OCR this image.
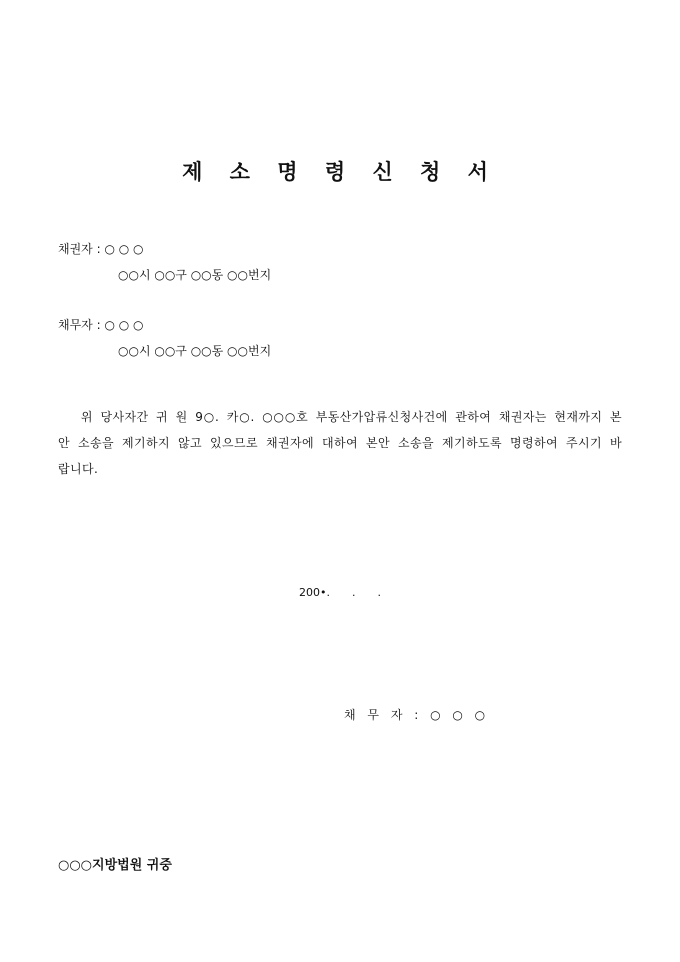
제 소 명 령 신 청 서
채권자 : ○ ○ ○
○○시 ○○구 ○○동 ○○번지
채무자 : ○ ○ ○
○○시 ○○구 ○○동 ○○번지
위 당사자간 귀 원 9○. 카○. ○○○호 부동산가압류신청사건에 관하여 채권자는 현재까지 본안 소송을 제기하지 않고 있으므로 채권자에 대하여 본안 소송을 제기하도록 명령하여 주시기 바랍니다.
200•.　　.　　.
채 무 자 : ○ ○ ○
○○○지방법원 귀중
